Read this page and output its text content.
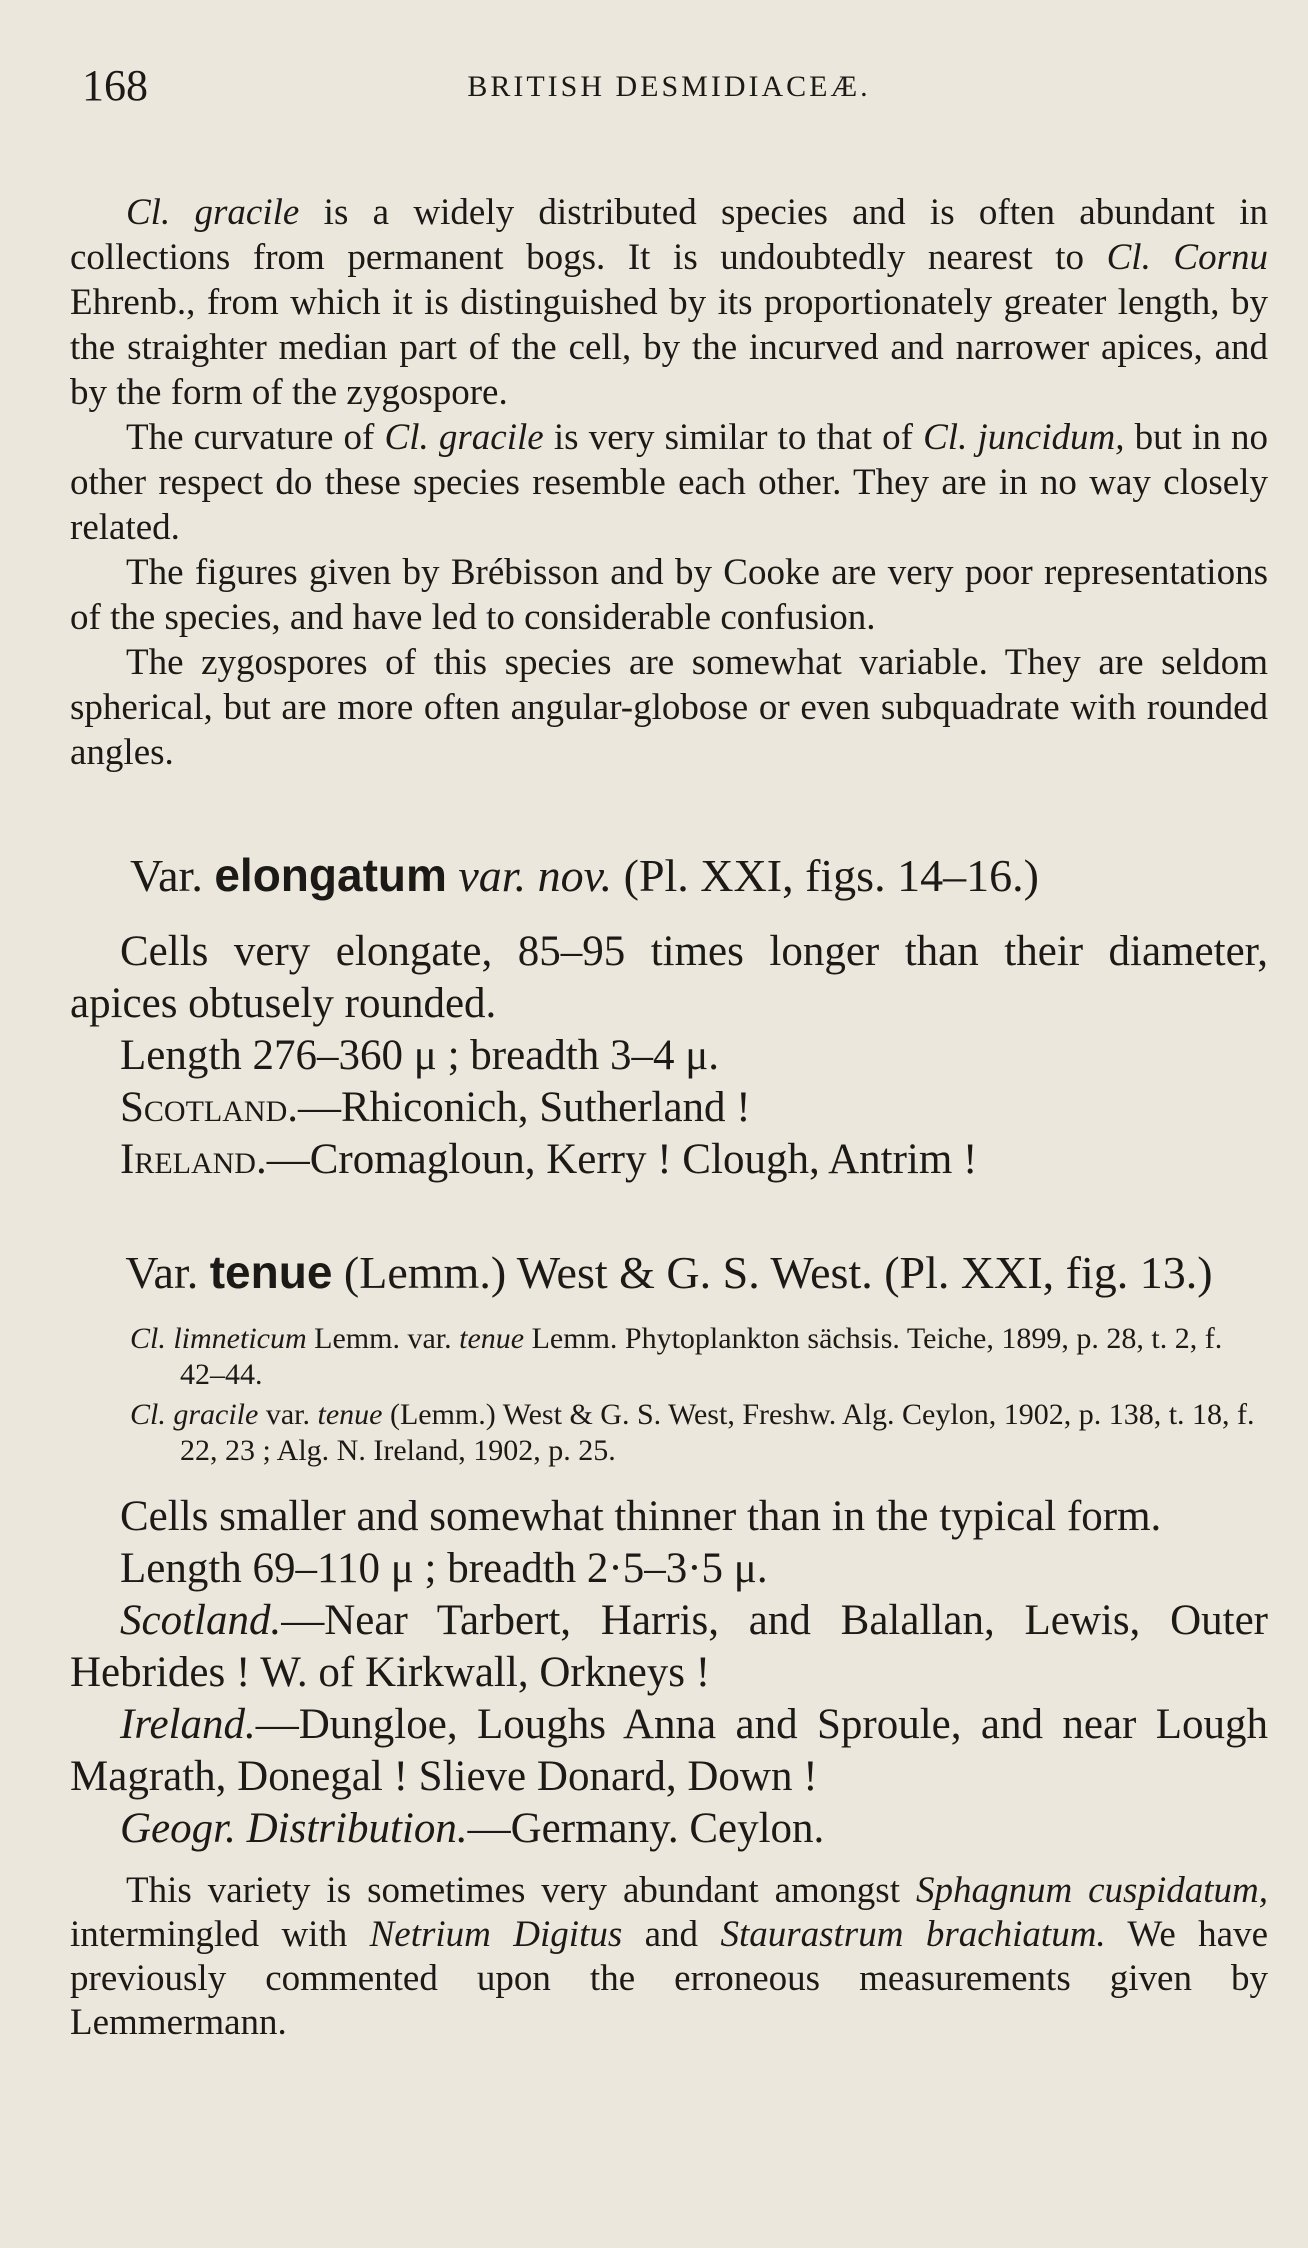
168	BRITISH DESMIDIACEÆ.

Cl. gracile is a widely distributed species and is often abundant in collections from permanent bogs. It is undoubtedly nearest to Cl. Cornu Ehrenb., from which it is distinguished by its proportionately greater length, by the straighter median part of the cell, by the incurved and narrower apices, and by the form of the zygospore.

The curvature of Cl. gracile is very similar to that of Cl. juncidum, but in no other respect do these species resemble each other. They are in no way closely related.

The figures given by Brébisson and by Cooke are very poor representations of the species, and have led to considerable confusion.

The zygospores of this species are somewhat variable. They are seldom spherical, but are more often angular-globose or even subquadrate with rounded angles.

Var. elongatum var. nov. (Pl. XXI, figs. 14–16.)

Cells very elongate, 85–95 times longer than their diameter, apices obtusely rounded.

Length 276–360 μ ; breadth 3–4 μ.

Scotland.—Rhiconich, Sutherland !

Ireland.—Cromagloun, Kerry ! Clough, Antrim !

Var. tenue (Lemm.) West & G. S. West. (Pl. XXI, fig. 13.)

Cl. limneticum Lemm. var. tenue Lemm. Phytoplankton sächsis. Teiche, 1899, p. 28, t. 2, f. 42–44.

Cl. gracile var. tenue (Lemm.) West & G. S. West, Freshw. Alg. Ceylon, 1902, p. 138, t. 18, f. 22, 23 ; Alg. N. Ireland, 1902, p. 25.

Cells smaller and somewhat thinner than in the typical form.

Length 69–110 μ ; breadth 2·5–3·5 μ.

Scotland.—Near Tarbert, Harris, and Balallan, Lewis, Outer Hebrides ! W. of Kirkwall, Orkneys !

Ireland.—Dungloe, Loughs Anna and Sproule, and near Lough Magrath, Donegal ! Slieve Donard, Down !

Geogr. Distribution.—Germany. Ceylon.

This variety is sometimes very abundant amongst Sphagnum cuspidatum, intermingled with Netrium Digitus and Staurastrum brachiatum. We have previously commented upon the erroneous measurements given by Lemmermann.
